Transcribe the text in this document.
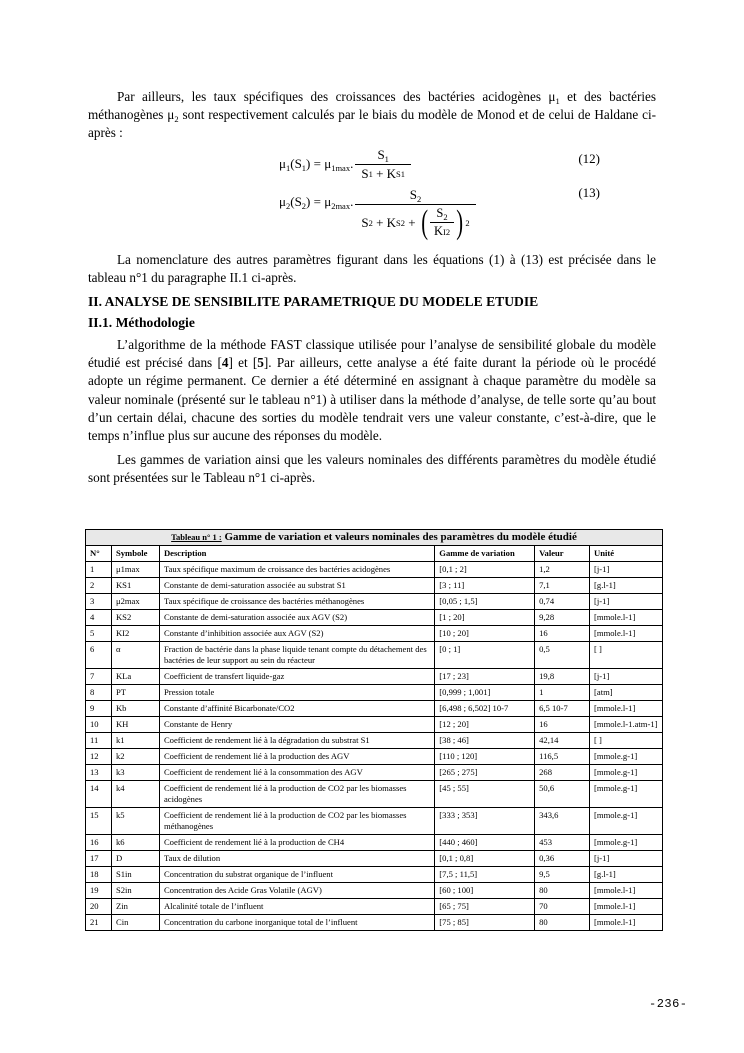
Par ailleurs, les taux spécifiques des croissances des bactéries acidogènes $\mu_1$ et des bactéries méthanogènes $\mu_2$ sont respectivement calculés par le biais du modèle de Monod et de celui de Haldane ci-après :

$\mu_1(S_1) = \mu_{1max}$. $\frac{S_1}{\text{S 1 + K S1}}$	(12)
$\mu_2(S_2) = \mu_{2max}$. $\frac{S_2}{S 2 + K S2 + ( \frac{S_2}{\text{K I2}} ) 2}$	(13)

La nomenclature des autres paramètres figurant dans les équations (1) à (13) est précisée dans le tableau n°1 du paragraphe II.1 ci-après.

II. ANALYSE DE SENSIBILITE PARAMETRIQUE DU MODELE ETUDIE
II.1. Méthodologie

L’algorithme de la méthode FAST classique utilisée pour l’analyse de sensibilité globale du modèle étudié est précisé dans [4] et [5]. Par ailleurs, cette analyse a été faite durant la période où le procédé adopte un régime permanent. Ce dernier a été déterminé en assignant à chaque paramètre du modèle sa valeur nominale (présenté sur le tableau n°1) à utiliser dans la méthode d’analyse, de telle sorte qu’au bout d’un certain délai, chacune des sorties du modèle tendrait vers une valeur constante, c’est-à-dire, que le temps n’influe plus sur aucune des réponses du modèle.

Les gammes de variation ainsi que les valeurs nominales des différents paramètres du modèle étudié sont présentées sur le Tableau n°1 ci-après.

Tableau n° 1 : Gamme de variation et valeurs nominales des paramètres du modèle étudié					
N°	Symbole	Description	Gamme de variation	Valeur	Unité
1	μ1max	Taux spécifique maximum de croissance des bactéries acidogènes	[0,1 ; 2]	1,2	[j-1]
2	KS1	Constante de demi-saturation associée au substrat S1	[3 ; 11]	7,1	[g.l-1]
3	μ2max	Taux spécifique de croissance des bactéries méthanogènes	[0,05 ; 1,5]	0,74	[j-1]
4	KS2	Constante de demi-saturation associée aux AGV (S2)	[1 ; 20]	9,28	[mmole.l-1]
5	KI2	Constante d’inhibition associée aux AGV (S2)	[10 ; 20]	16	[mmole.l-1]
6	α	Fraction de bactérie dans la phase liquide tenant compte du détachement des bactéries de leur support au sein du réacteur	[0 ; 1]	0,5	[ ]
7	KLa	Coefficient de transfert liquide-gaz	[17 ; 23]	19,8	[j-1]
8	PT	Pression totale	[0,999 ; 1,001]	1	[atm]
9	Kb	Constante d’affinité Bicarbonate/CO2	[6,498 ; 6,502] 10-7	6,5 10-7	[mmole.l-1]
10	KH	Constante de Henry	[12 ; 20]	16	[mmole.l-1.atm-1]
11	k1	Coefficient de rendement lié à la dégradation du substrat S1	[38 ; 46]	42,14	[ ]
12	k2	Coefficient de rendement lié à la production des AGV	[110 ; 120]	116,5	[mmole.g-1]
13	k3	Coefficient de rendement lié à la consommation des AGV	[265 ; 275]	268	[mmole.g-1]
14	k4	Coefficient de rendement lié à la production de CO2 par les biomasses acidogènes	[45 ; 55]	50,6	[mmole.g-1]
15	k5	Coefficient de rendement lié à la production de CO2 par les biomasses méthanogènes	[333 ; 353]	343,6	[mmole.g-1]
16	k6	Coefficient de rendement lié à la production de CH4	[440 ; 460]	453	[mmole.g-1]
17	D	Taux de dilution	[0,1 ; 0,8]	0,36	[j-1]
18	S1in	Concentration du substrat organique de l’influent	[7,5 ; 11,5]	9,5	[g.l-1]
19	S2in	Concentration des Acide Gras Volatile (AGV)	[60 ; 100]	80	[mmole.l-1]
20	Zin	Alcalinité totale de l’influent	[65 ; 75]	70	[mmole.l-1]
21	Cin	Concentration du carbone inorganique total de l’influent	[75 ; 85]	80	[mmole.l-1]
-236-
